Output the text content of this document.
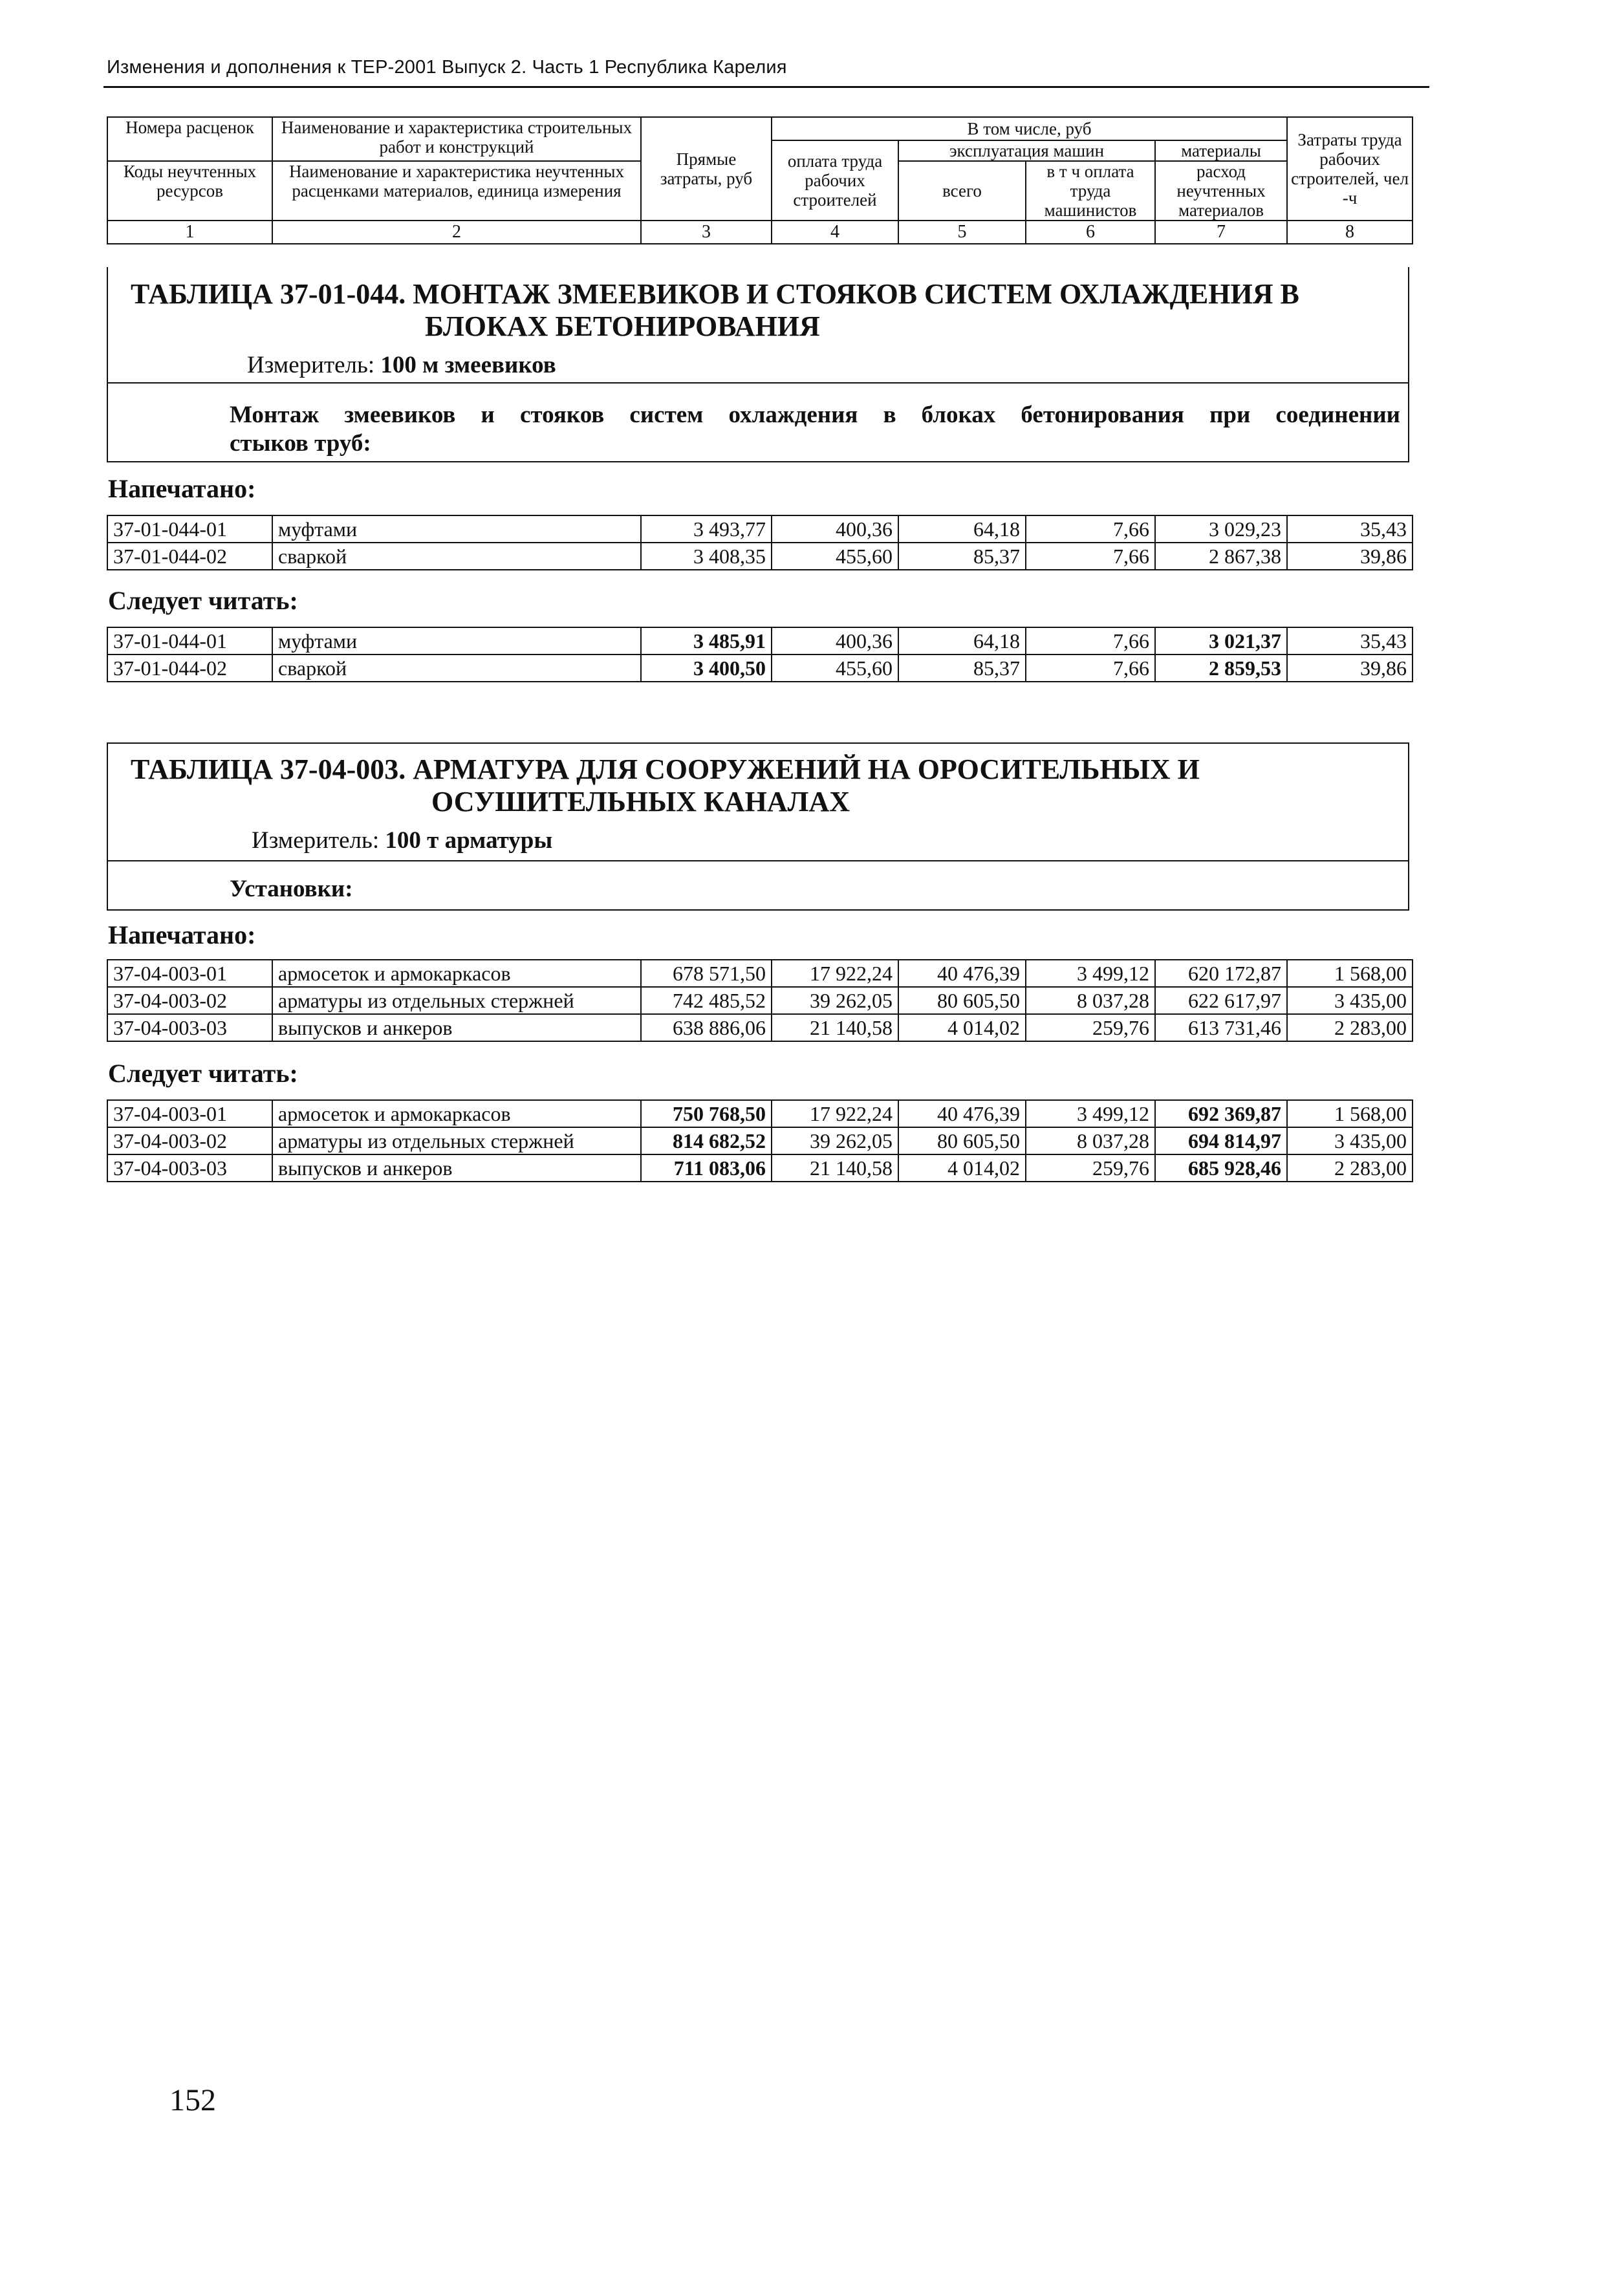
Изменения и дополнения к ТЕР-2001 Выпуск 2. Часть 1 Республика Карелия
Номера расценок	Наименование и характеристика строительных работ и конструкций	Прямые затраты, руб	В том числе, руб				Затраты труда рабочих строителей, чел -ч
			оплата труда рабочих строителей	эксплуатация машин		материалы	
Коды неучтенных ресурсов	Наименование и характеристика неучтенных расценками материалов, единица измерения			всего	в т ч оплата труда машинистов	расход неучтенных материалов	

1	2	3	4	5	6	7	8
ТАБЛИЦА 37-01-044. МОНТАЖ ЗМЕЕВИКОВ И СТОЯКОВ СИСТЕМ ОХЛАЖДЕНИЯ В
БЛОКАХ БЕТОНИРОВАНИЯ
Измеритель: 100 м змеевиков
Монтаж змеевиков и стояков систем охлаждения в блоках бетонирования при соединении
стыков труб:
Напечатано:
37-01-044-01	муфтами	3 493,77	400,36	64,18	7,66	3 029,23	35,43
37-01-044-02	сваркой	3 408,35	455,60	85,37	7,66	2 867,38	39,86
Следует читать:
37-01-044-01	муфтами	3 485,91	400,36	64,18	7,66	3 021,37	35,43
37-01-044-02	сваркой	3 400,50	455,60	85,37	7,66	2 859,53	39,86
ТАБЛИЦА 37-04-003. АРМАТУРА ДЛЯ СООРУЖЕНИЙ НА ОРОСИТЕЛЬНЫХ И
ОСУШИТЕЛЬНЫХ КАНАЛАХ
Измеритель: 100 т арматуры
Установки:
Напечатано:
37-04-003-01	армосеток и армокаркасов	678 571,50	17 922,24	40 476,39	3 499,12	620 172,87	1 568,00
37-04-003-02	арматуры из отдельных стержней	742 485,52	39 262,05	80 605,50	8 037,28	622 617,97	3 435,00
37-04-003-03	выпусков и анкеров	638 886,06	21 140,58	4 014,02	259,76	613 731,46	2 283,00
Следует читать:
37-04-003-01	армосеток и армокаркасов	750 768,50	17 922,24	40 476,39	3 499,12	692 369,87	1 568,00
37-04-003-02	арматуры из отдельных стержней	814 682,52	39 262,05	80 605,50	8 037,28	694 814,97	3 435,00
37-04-003-03	выпусков и анкеров	711 083,06	21 140,58	4 014,02	259,76	685 928,46	2 283,00
152
